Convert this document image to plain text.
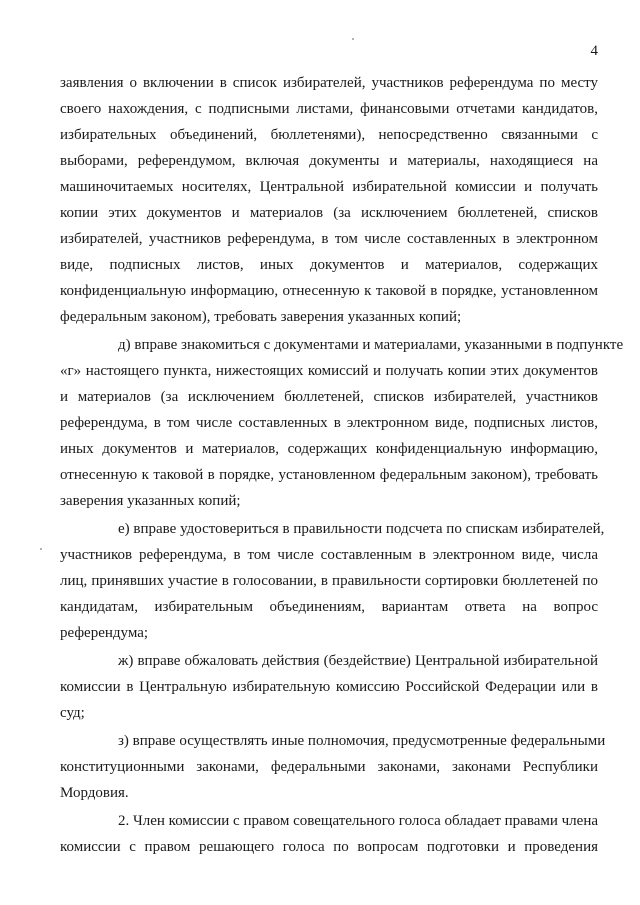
4
заявления о включении в список избирателей, участников референдума по месту
своего нахождения, с подписными листами, финансовыми отчетами кандидатов,
избирательных объединений, бюллетенями), непосредственно связанными с
выборами, референдумом, включая документы и материалы, находящиеся на
машиночитаемых носителях, Центральной избирательной комиссии и получать
копии этих документов и материалов (за исключением бюллетеней, списков
избирателей, участников референдума, в том числе составленных в электронном
виде, подписных листов, иных документов и материалов, содержащих
конфиденциальную информацию, отнесенную к таковой в порядке, установленном
федеральным законом), требовать заверения указанных копий;
д) вправе знакомиться с документами и материалами, указанными в подпункте
«г» настоящего пункта, нижестоящих комиссий и получать копии этих документов
и материалов (за исключением бюллетеней, списков избирателей, участников
референдума, в том числе составленных в электронном виде, подписных листов,
иных документов и материалов, содержащих конфиденциальную информацию,
отнесенную к таковой в порядке, установленном федеральным законом), требовать
заверения указанных копий;
е) вправе удостовериться в правильности подсчета по спискам избирателей,
участников референдума, в том числе составленным в электронном виде, числа
лиц, принявших участие в голосовании, в правильности сортировки бюллетеней по
кандидатам, избирательным объединениям, вариантам ответа на вопрос
референдума;
ж) вправе обжаловать действия (бездействие) Центральной избирательной
комиссии в Центральную избирательную комиссию Российской Федерации или в
суд;
з) вправе осуществлять иные полномочия, предусмотренные федеральными
конституционными законами, федеральными законами, законами Республики
Мордовия.
2. Член комиссии с правом совещательного голоса обладает правами члена
комиссии с правом решающего голоса по вопросам подготовки и проведения
